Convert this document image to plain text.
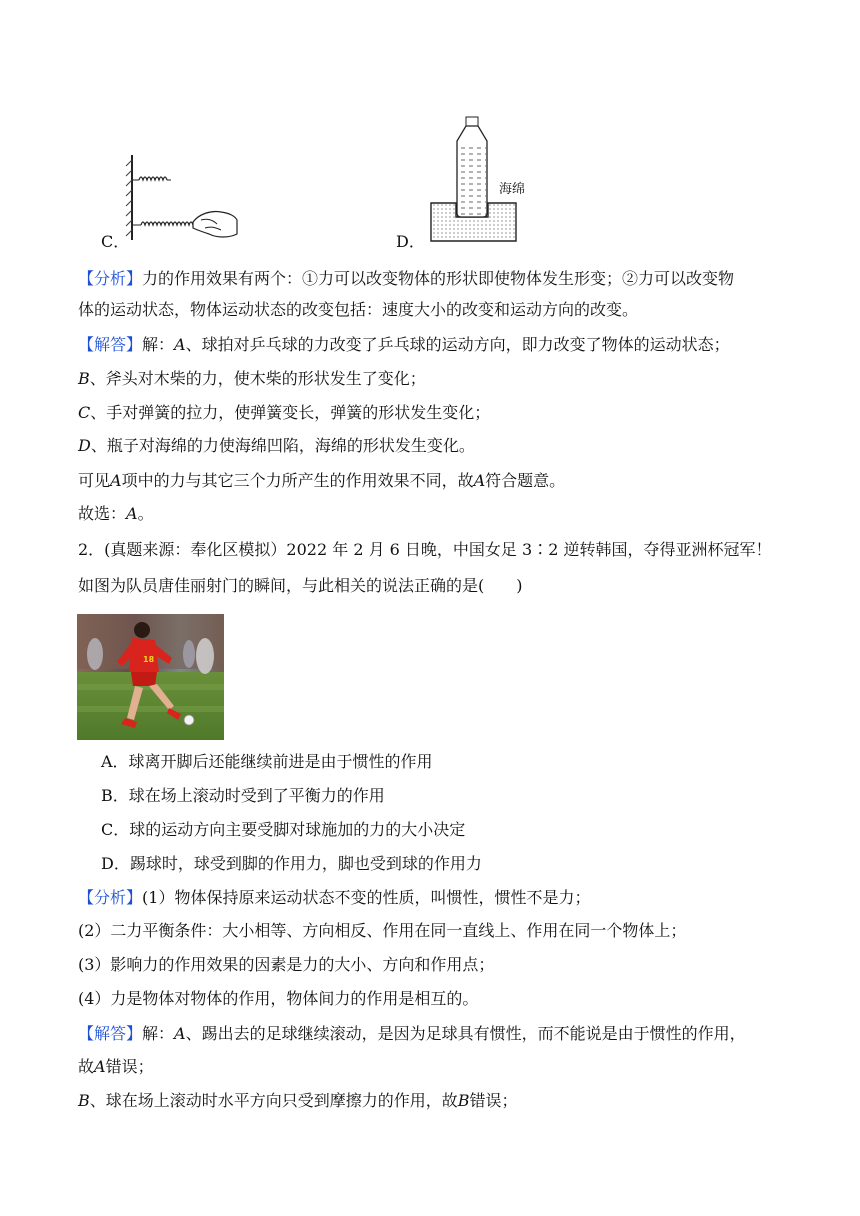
海绵
C．	D．
【分析】力的作用效果有两个：①力可以改变物体的形状即使物体发生形变；②力可以改变物
体的运动状态，物体运动状态的改变包括：速度大小的改变和运动方向的改变。
【解答】解：A、球拍对乒乓球的力改变了乒乓球的运动方向，即力改变了物体的运动状态；
B、斧头对木柴的力，使木柴的形状发生了变化；
C、手对弹簧的拉力，使弹簧变长，弹簧的形状发生变化；
D、瓶子对海绵的力使海绵凹陷，海绵的形状发生变化。
可见A项中的力与其它三个力所产生的作用效果不同，故A符合题意。
故选：A。
2．(真题来源：奉化区模拟）2022 年 2 月 6 日晚，中国女足 3∶2 逆转韩国，夺得亚洲杯冠军！
如图为队员唐佳丽射门的瞬间，与此相关的说法正确的是(　　)
18
A．球离开脚后还能继续前进是由于惯性的作用
B．球在场上滚动时受到了平衡力的作用
C．球的运动方向主要受脚对球施加的力的大小决定
D．踢球时，球受到脚的作用力，脚也受到球的作用力
【分析】(1）物体保持原来运动状态不变的性质，叫惯性，惯性不是力；
(2）二力平衡条件：大小相等、方向相反、作用在同一直线上、作用在同一个物体上；
(3）影响力的作用效果的因素是力的大小、方向和作用点；
(4）力是物体对物体的作用，物体间力的作用是相互的。
【解答】解：A、踢出去的足球继续滚动，是因为足球具有惯性，而不能说是由于惯性的作用，
故A错误；
B、球在场上滚动时水平方向只受到摩擦力的作用，故B错误；
